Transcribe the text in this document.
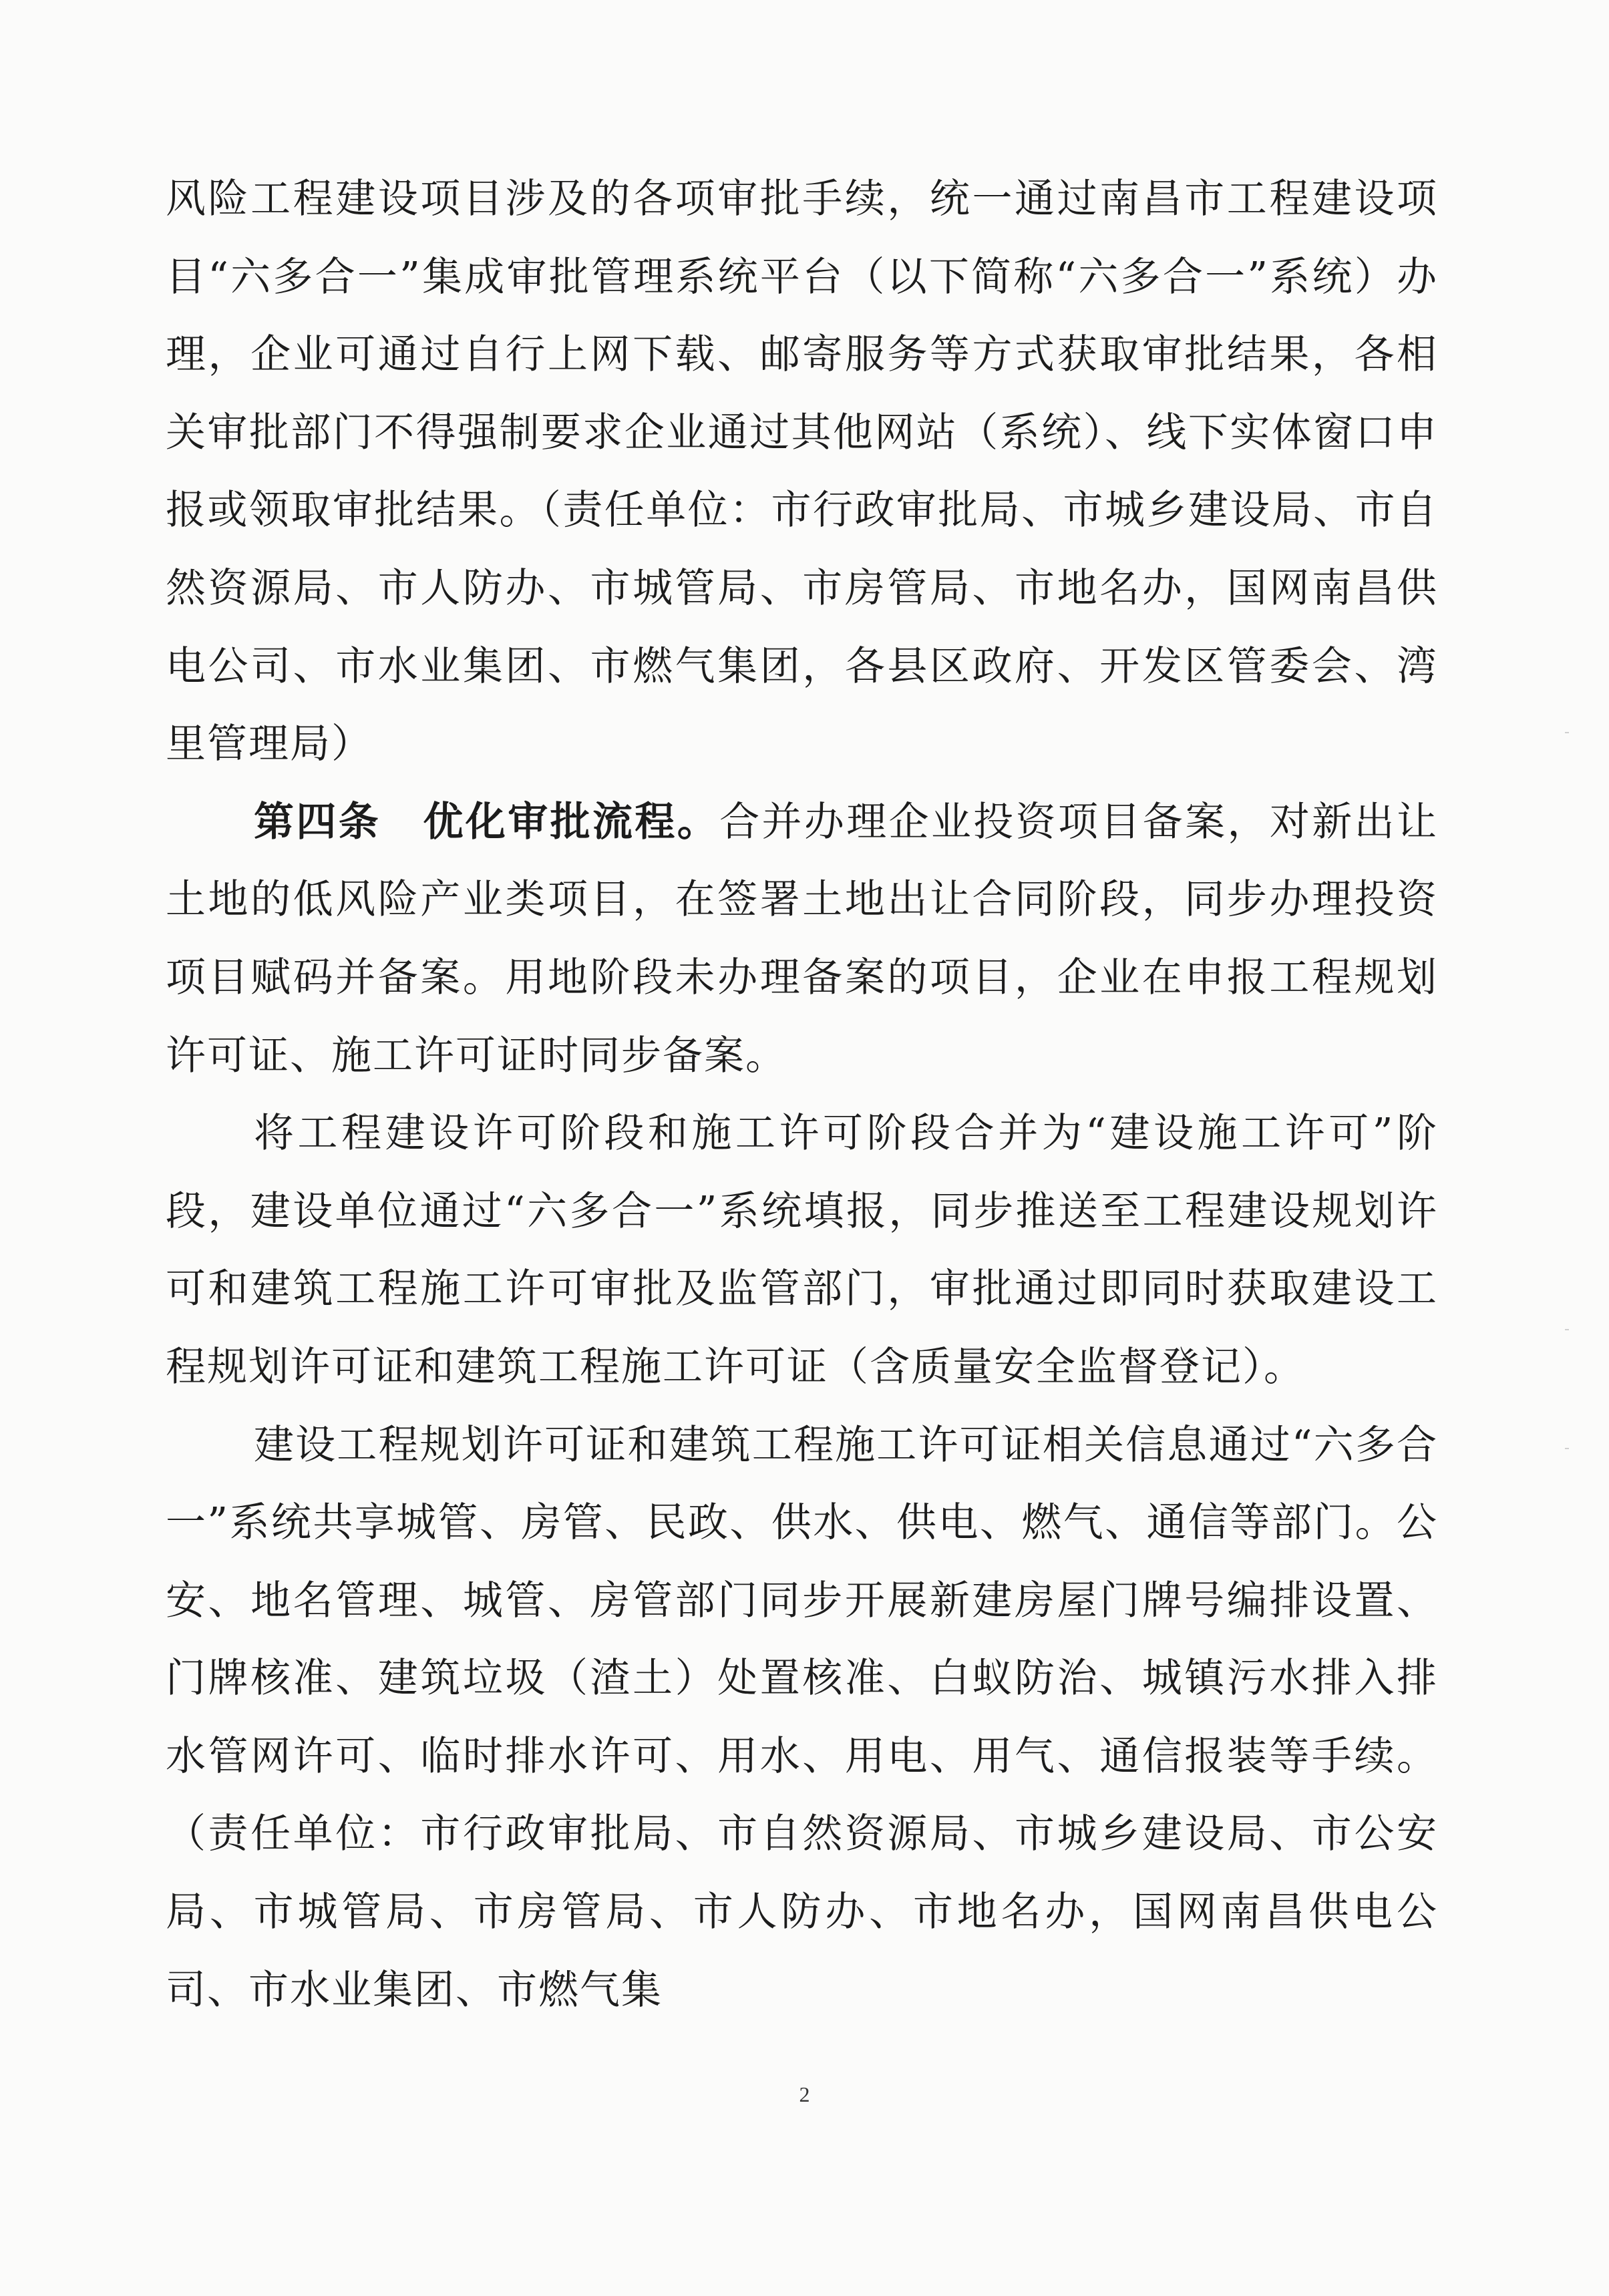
风险工程建设项目涉及的各项审批手续，统一通过南昌市工程建设项目“六多合一”集成审批管理系统平台（以下简称“六多合一”系统）办理，企业可通过自行上网下载、邮寄服务等方式获取审批结果，各相关审批部门不得强制要求企业通过其他网站（系统）、线下实体窗口申报或领取审批结果。（责任单位：市行政审批局、市城乡建设局、市自然资源局、市人防办、市城管局、市房管局、市地名办，国网南昌供电公司、市水业集团、市燃气集团，各县区政府、开发区管委会、湾里管理局）

第四条　优化审批流程。合并办理企业投资项目备案，对新出让土地的低风险产业类项目，在签署土地出让合同阶段，同步办理投资项目赋码并备案。用地阶段未办理备案的项目，企业在申报工程规划许可证、施工许可证时同步备案。

将工程建设许可阶段和施工许可阶段合并为“建设施工许可”阶段，建设单位通过“六多合一”系统填报，同步推送至工程建设规划许可和建筑工程施工许可审批及监管部门，审批通过即同时获取建设工程规划许可证和建筑工程施工许可证（含质量安全监督登记）。

建设工程规划许可证和建筑工程施工许可证相关信息通过“六多合一”系统共享城管、房管、民政、供水、供电、燃气、通信等部门。公安、地名管理、城管、房管部门同步开展新建房屋门牌号编排设置、门牌核准、建筑垃圾（渣土）处置核准、白蚁防治、城镇污水排入排水管网许可、临时排水许可、用水、用电、用气、通信报装等手续。（责任单位：市行政审批局、市自然资源局、市城乡建设局、市公安局、市城管局、市房管局、市人防办、市地名办，国网南昌供电公司、市水业集团、市燃气集

2
